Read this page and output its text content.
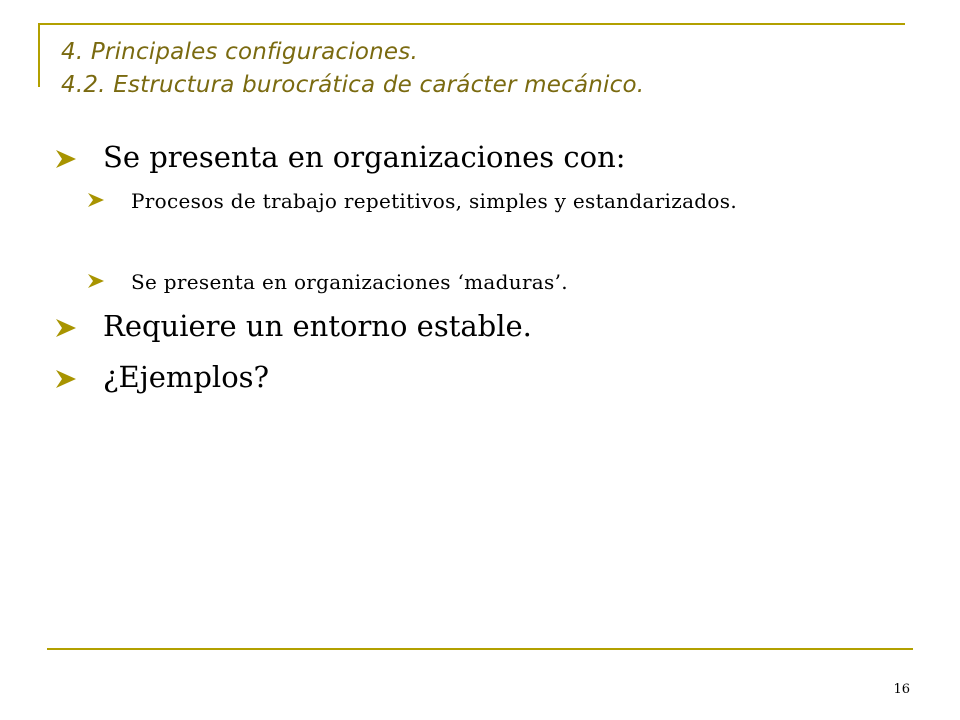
4. Principales configuraciones.
4.2. Estructura burocrática de carácter mecánico.
Se presenta en organizaciones con:
Procesos de trabajo repetitivos, simples y estandarizados.
Se presenta en organizaciones ‘maduras’.
Requiere un entorno estable.
¿Ejemplos?
16
